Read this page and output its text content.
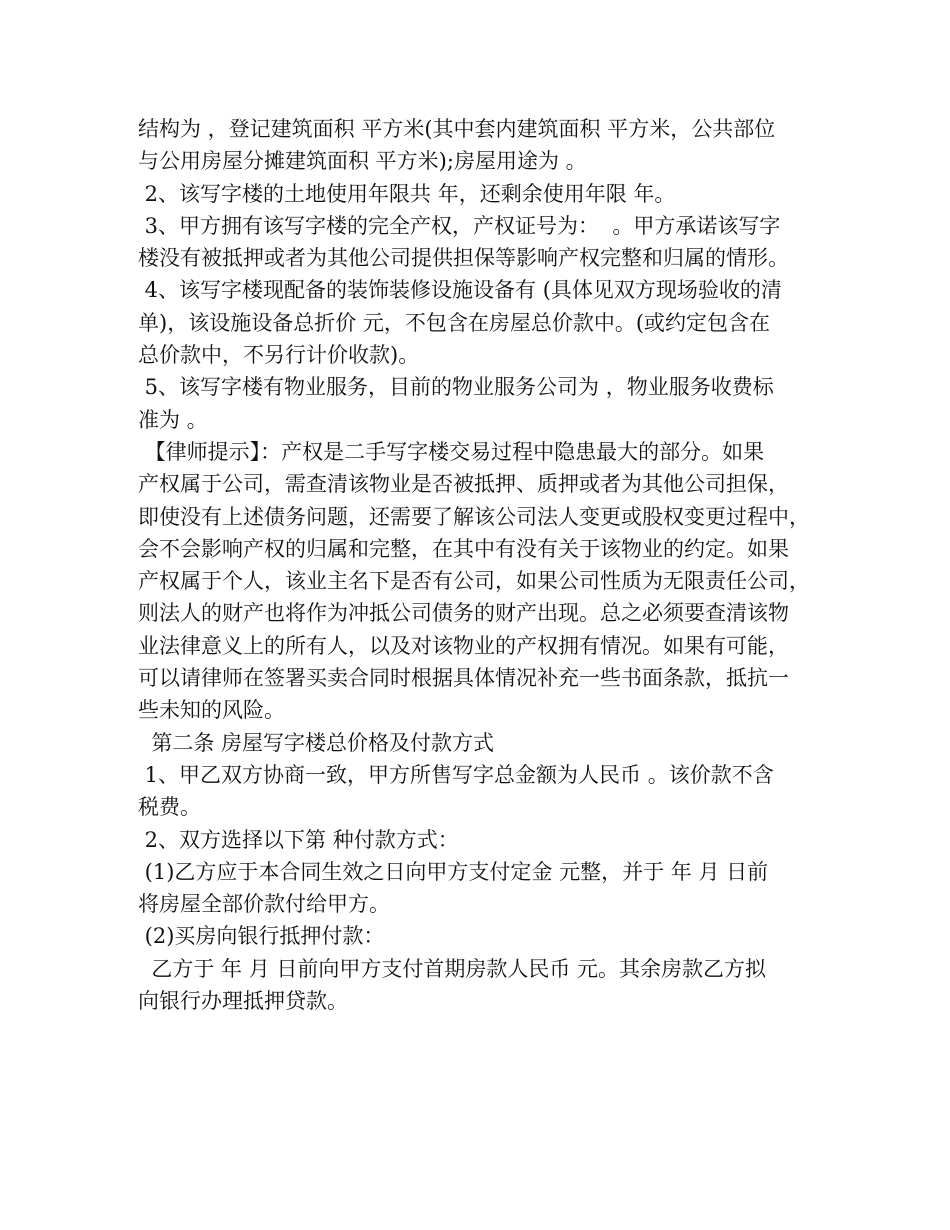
结构为 ，登记建筑面积 平方米(其中套内建筑面积 平方米，公共部位
与公用房屋分摊建筑面积 平方米);房屋用途为 。
2、该写字楼的土地使用年限共 年，还剩余使用年限 年。
3、甲方拥有该写字楼的完全产权，产权证号为：  。甲方承诺该写字
楼没有被抵押或者为其他公司提供担保等影响产权完整和归属的情形。
4、该写字楼现配备的装饰装修设施设备有 (具体见双方现场验收的清
单)，该设施设备总折价 元，不包含在房屋总价款中。(或约定包含在
总价款中，不另行计价收款)。
5、该写字楼有物业服务，目前的物业服务公司为 ，物业服务收费标
准为 。
【律师提示】：产权是二手写字楼交易过程中隐患最大的部分。如果
产权属于公司，需查清该物业是否被抵押、质押或者为其他公司担保，
即使没有上述债务问题，还需要了解该公司法人变更或股权变更过程中，
会不会影响产权的归属和完整，在其中有没有关于该物业的约定。如果
产权属于个人，该业主名下是否有公司，如果公司性质为无限责任公司，
则法人的财产也将作为冲抵公司债务的财产出现。总之必须要查清该物
业法律意义上的所有人，以及对该物业的产权拥有情况。如果有可能，
可以请律师在签署买卖合同时根据具体情况补充一些书面条款，抵抗一
些未知的风险。
第二条 房屋写字楼总价格及付款方式
1、甲乙双方协商一致，甲方所售写字总金额为人民币 。该价款不含
税费。
2、双方选择以下第 种付款方式：
(1)乙方应于本合同生效之日向甲方支付定金 元整，并于 年 月 日前
将房屋全部价款付给甲方。
(2)买房向银行抵押付款：
乙方于 年 月 日前向甲方支付首期房款人民币 元。其余房款乙方拟
向银行办理抵押贷款。
